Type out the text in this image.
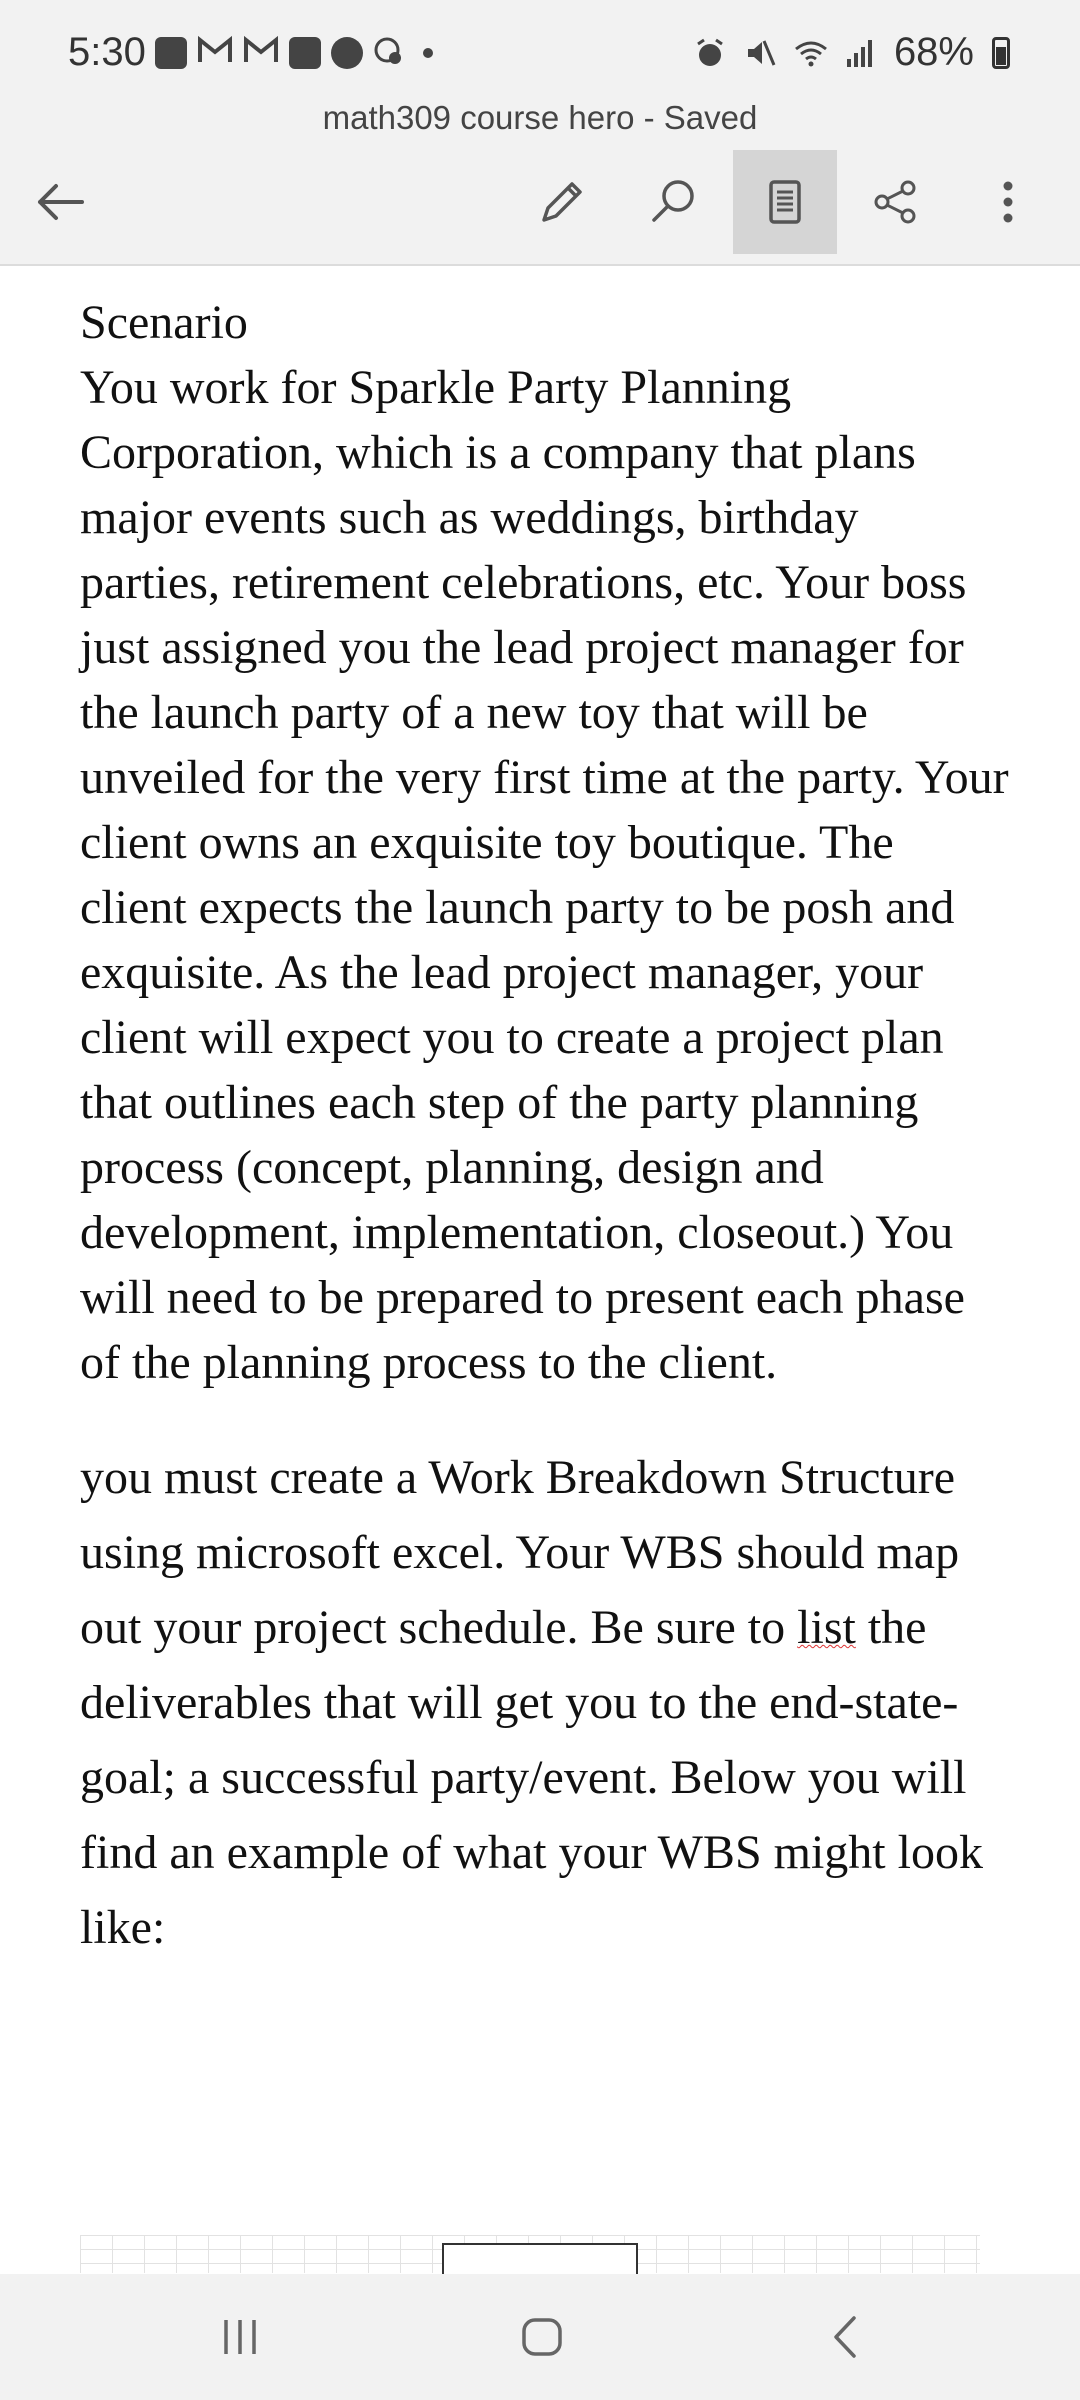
5:30	68%
math309 course hero - Saved

Scenario
You work for Sparkle Party Planning Corporation, which is a company that plans major events such as weddings, birthday parties, retirement celebrations, etc. Your boss just assigned you the lead project manager for the launch party of a new toy that will be unveiled for the very first time at the party. Your client owns an exquisite toy boutique. The client expects the launch party to be posh and exquisite. As the lead project manager, your client will expect you to create a project plan that outlines each step of the party planning process (concept, planning, design and development, implementation, closeout.) You will need to be prepared to present each phase of the planning process to the client.

you must create a Work Breakdown Structure using microsoft excel. Your WBS should map out your project schedule. Be sure to list the deliverables that will get you to the end-state-goal; a successful party/event. Below you will find an example of what your WBS might look like:
